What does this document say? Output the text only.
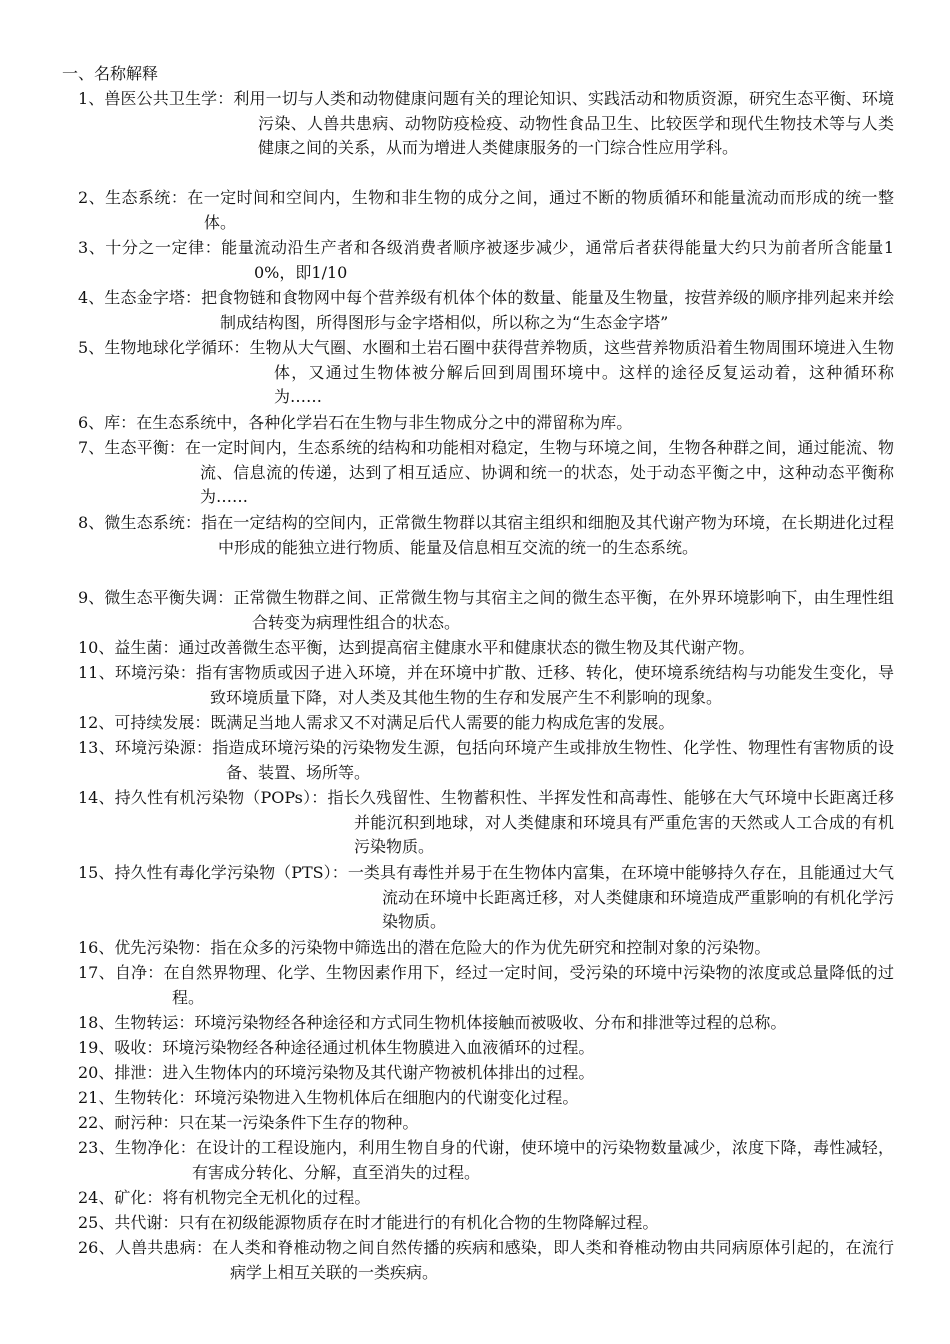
一、名称解释
1、兽医公共卫生学：利用一切与人类和动物健康问题有关的理论知识、实践活动和物质资源，研究生态平衡、环境污染、人兽共患病、动物防疫检疫、动物性食品卫生、比较医学和现代生物技术等与人类健康之间的关系，从而为增进人类健康服务的一门综合性应用学科。
2、生态系统：在一定时间和空间内，生物和非生物的成分之间，通过不断的物质循环和能量流动而形成的统一整体。
3、十分之一定律：能量流动沿生产者和各级消费者顺序被逐步减少，通常后者获得能量大约只为前者所含能量10%，即1/10
4、生态金字塔：把食物链和食物网中每个营养级有机体个体的数量、能量及生物量，按营养级的顺序排列起来并绘制成结构图，所得图形与金字塔相似，所以称之为“生态金字塔”
5、生物地球化学循环：生物从大气圈、水圈和土岩石圈中获得营养物质，这些营养物质沿着生物周围环境进入生物体，又通过生物体被分解后回到周围环境中。这样的途径反复运动着，这种循环称为……
6、库：在生态系统中，各种化学岩石在生物与非生物成分之中的滞留称为库。
7、生态平衡：在一定时间内，生态系统的结构和功能相对稳定，生物与环境之间，生物各种群之间，通过能流、物流、信息流的传递，达到了相互适应、协调和统一的状态，处于动态平衡之中，这种动态平衡称为……
8、微生态系统：指在一定结构的空间内，正常微生物群以其宿主组织和细胞及其代谢产物为环境，在长期进化过程中形成的能独立进行物质、能量及信息相互交流的统一的生态系统。
9、微生态平衡失调：正常微生物群之间、正常微生物与其宿主之间的微生态平衡，在外界环境影响下，由生理性组合转变为病理性组合的状态。
10、益生菌：通过改善微生态平衡，达到提高宿主健康水平和健康状态的微生物及其代谢产物。
11、环境污染：指有害物质或因子进入环境，并在环境中扩散、迁移、转化，使环境系统结构与功能发生变化，导致环境质量下降，对人类及其他生物的生存和发展产生不利影响的现象。
12、可持续发展：既满足当地人需求又不对满足后代人需要的能力构成危害的发展。
13、环境污染源：指造成环境污染的污染物发生源，包括向环境产生或排放生物性、化学性、物理性有害物质的设备、装置、场所等。
14、持久性有机污染物（POPs）：指长久残留性、生物蓄积性、半挥发性和高毒性、能够在大气环境中长距离迁移并能沉积到地球，对人类健康和环境具有严重危害的天然或人工合成的有机污染物质。
15、持久性有毒化学污染物（PTS）：一类具有毒性并易于在生物体内富集，在环境中能够持久存在，且能通过大气流动在环境中长距离迁移，对人类健康和环境造成严重影响的有机化学污染物质。
16、优先污染物：指在众多的污染物中筛选出的潜在危险大的作为优先研究和控制对象的污染物。
17、自净：在自然界物理、化学、生物因素作用下，经过一定时间，受污染的环境中污染物的浓度或总量降低的过程。
18、生物转运：环境污染物经各种途径和方式同生物机体接触而被吸收、分布和排泄等过程的总称。
19、吸收：环境污染物经各种途径通过机体生物膜进入血液循环的过程。
20、排泄：进入生物体内的环境污染物及其代谢产物被机体排出的过程。
21、生物转化：环境污染物进入生物机体后在细胞内的代谢变化过程。
22、耐污种：只在某一污染条件下生存的物种。
23、生物净化：在设计的工程设施内，利用生物自身的代谢，使环境中的污染物数量减少，浓度下降，毒性减轻，有害成分转化、分解，直至消失的过程。
24、矿化：将有机物完全无机化的过程。
25、共代谢：只有在初级能源物质存在时才能进行的有机化合物的生物降解过程。
26、人兽共患病：在人类和脊椎动物之间自然传播的疾病和感染，即人类和脊椎动物由共同病原体引起的，在流行病学上相互关联的一类疾病。
